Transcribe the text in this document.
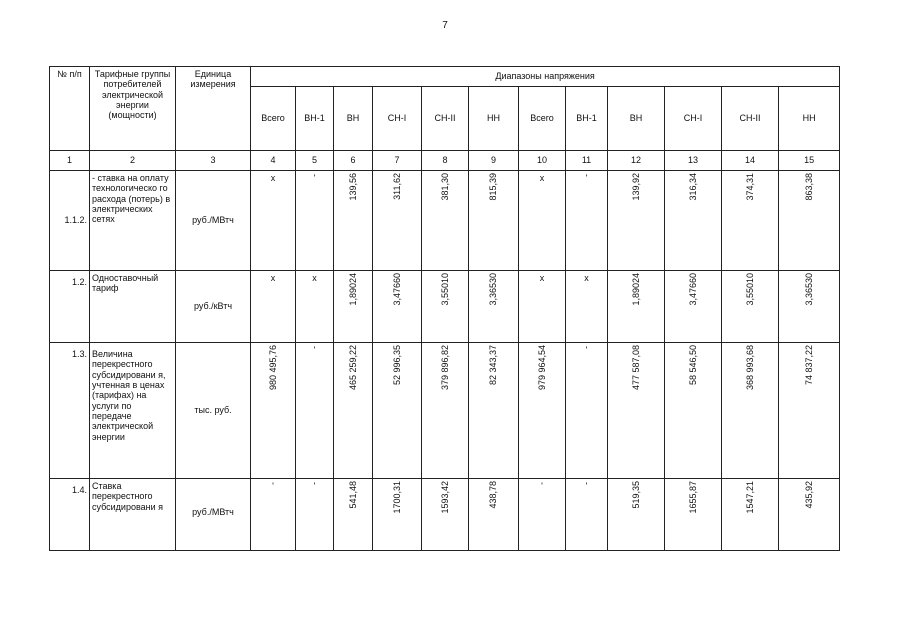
7
№ п/п	Тарифные группы потребителей электрической энергии (мощности)	Единица измерения	Диапазоны напряжения											
			Всего	ВН-1	ВН	СН-I	СН-II	НН	Всего	ВН-1	ВН	СН-I	СН-II	НН
1	2	3	4	5	6	7	8	9	10	11	12	13	14	15
1.1.2.	- ставка на оплату технологическо го расхода (потерь) в электрических сетях	руб./МВтч	x	'	139,56	311,62	381,30	815,39	x	'	139,92	316,34	374,31	863,38
1.2.	Одноставочный тариф	руб./кВтч	x	x	1,89024	3,47660	3,55010	3,36530	x	x	1,89024	3,47660	3,55010	3,36530
1.3.	Величина перекрестного субсидировани я, учтенная в ценах (тарифах) на услуги по передаче электрической энергии	тыс. руб.	980 495,76	'	465 259,22	52 996,35	379 896,82	82 343,37	979 964,54	'	477 587,08	58 546,50	368 993,68	74 837,22
1.4.	Ставка перекрестного субсидировани я	руб./МВтч	'	'	541,48	1700,31	1593,42	438,78	'	'	519,35	1655,87	1547,21	435,92
